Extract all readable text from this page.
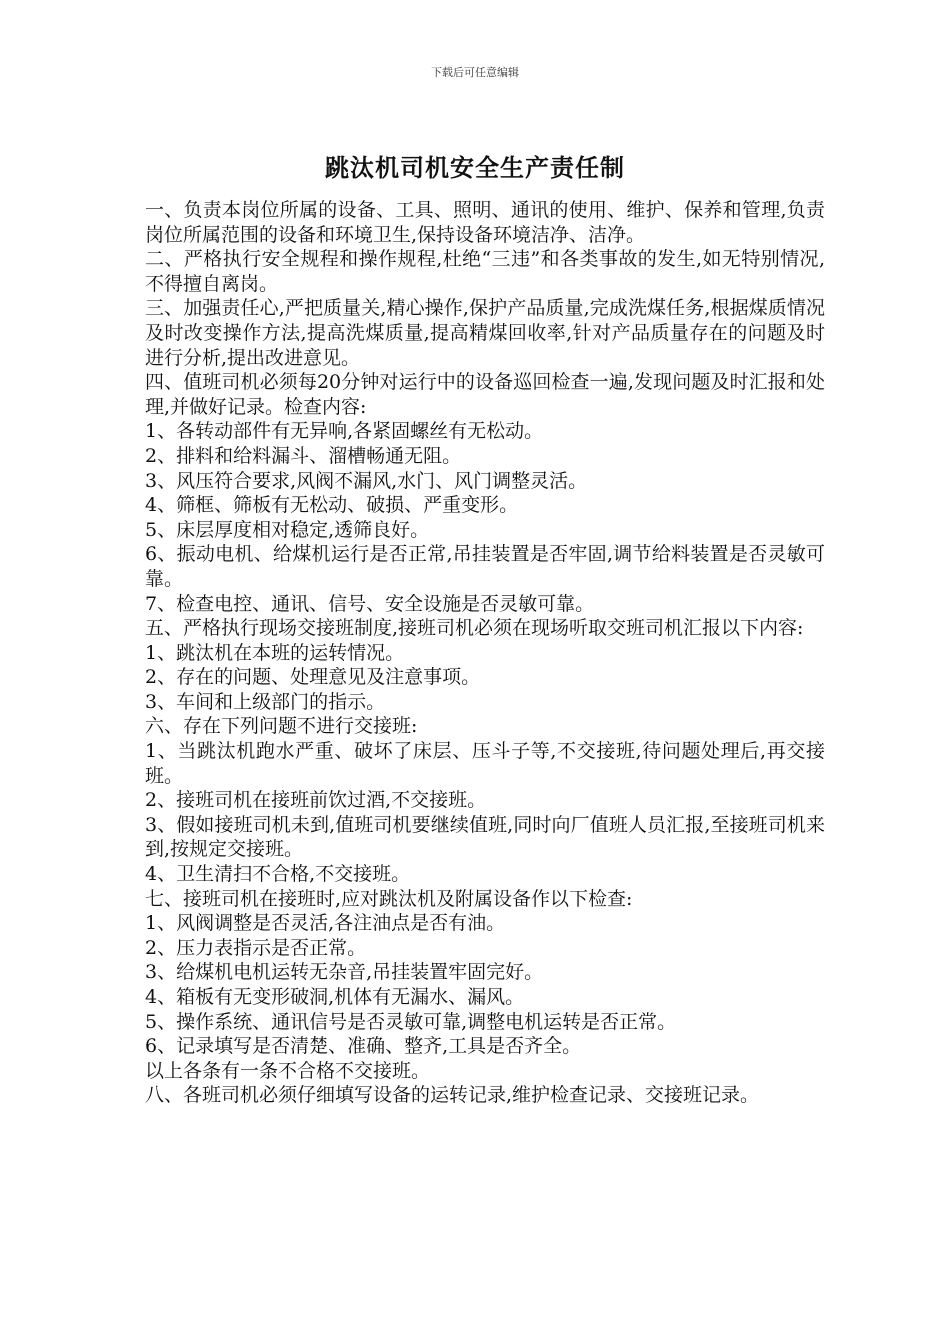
下载后可任意编辑
跳汰机司机安全生产责任制

一、负责本岗位所属的设备、工具、照明、通讯的使用、维护、保养和管理,负责岗位所属范围的设备和环境卫生,保持设备环境洁净、洁净。

二、严格执行安全规程和操作规程,杜绝“三违”和各类事故的发生,如无特别情况,不得擅自离岗。

三、加强责任心,严把质量关,精心操作,保护产品质量,完成洗煤任务,根据煤质情况及时改变操作方法,提高洗煤质量,提高精煤回收率,针对产品质量存在的问题及时进行分析,提出改进意见。

四、值班司机必须每20分钟对运行中的设备巡回检查一遍,发现问题及时汇报和处理,并做好记录。检查内容:

1、各转动部件有无异响,各紧固螺丝有无松动。

2、排料和给料漏斗、溜槽畅通无阻。

3、风压符合要求,风阀不漏风,水门、风门调整灵活。

4、筛框、筛板有无松动、破损、严重变形。

5、床层厚度相对稳定,透筛良好。

6、振动电机、给煤机运行是否正常,吊挂装置是否牢固,调节给料装置是否灵敏可靠。

7、检查电控、通讯、信号、安全设施是否灵敏可靠。

五、严格执行现场交接班制度,接班司机必须在现场听取交班司机汇报以下内容:

1、跳汰机在本班的运转情况。

2、存在的问题、处理意见及注意事项。

3、车间和上级部门的指示。

六、存在下列问题不进行交接班:

1、当跳汰机跑水严重、破坏了床层、压斗子等,不交接班,待问题处理后,再交接班。

2、接班司机在接班前饮过酒,不交接班。

3、假如接班司机未到,值班司机要继续值班,同时向厂值班人员汇报,至接班司机来到,按规定交接班。

4、卫生清扫不合格,不交接班。

七、接班司机在接班时,应对跳汰机及附属设备作以下检查:

1、风阀调整是否灵活,各注油点是否有油。

2、压力表指示是否正常。

3、给煤机电机运转无杂音,吊挂装置牢固完好。

4、箱板有无变形破洞,机体有无漏水、漏风。

5、操作系统、通讯信号是否灵敏可靠,调整电机运转是否正常。

6、记录填写是否清楚、准确、整齐,工具是否齐全。

以上各条有一条不合格不交接班。

八、各班司机必须仔细填写设备的运转记录,维护检查记录、交接班记录。
